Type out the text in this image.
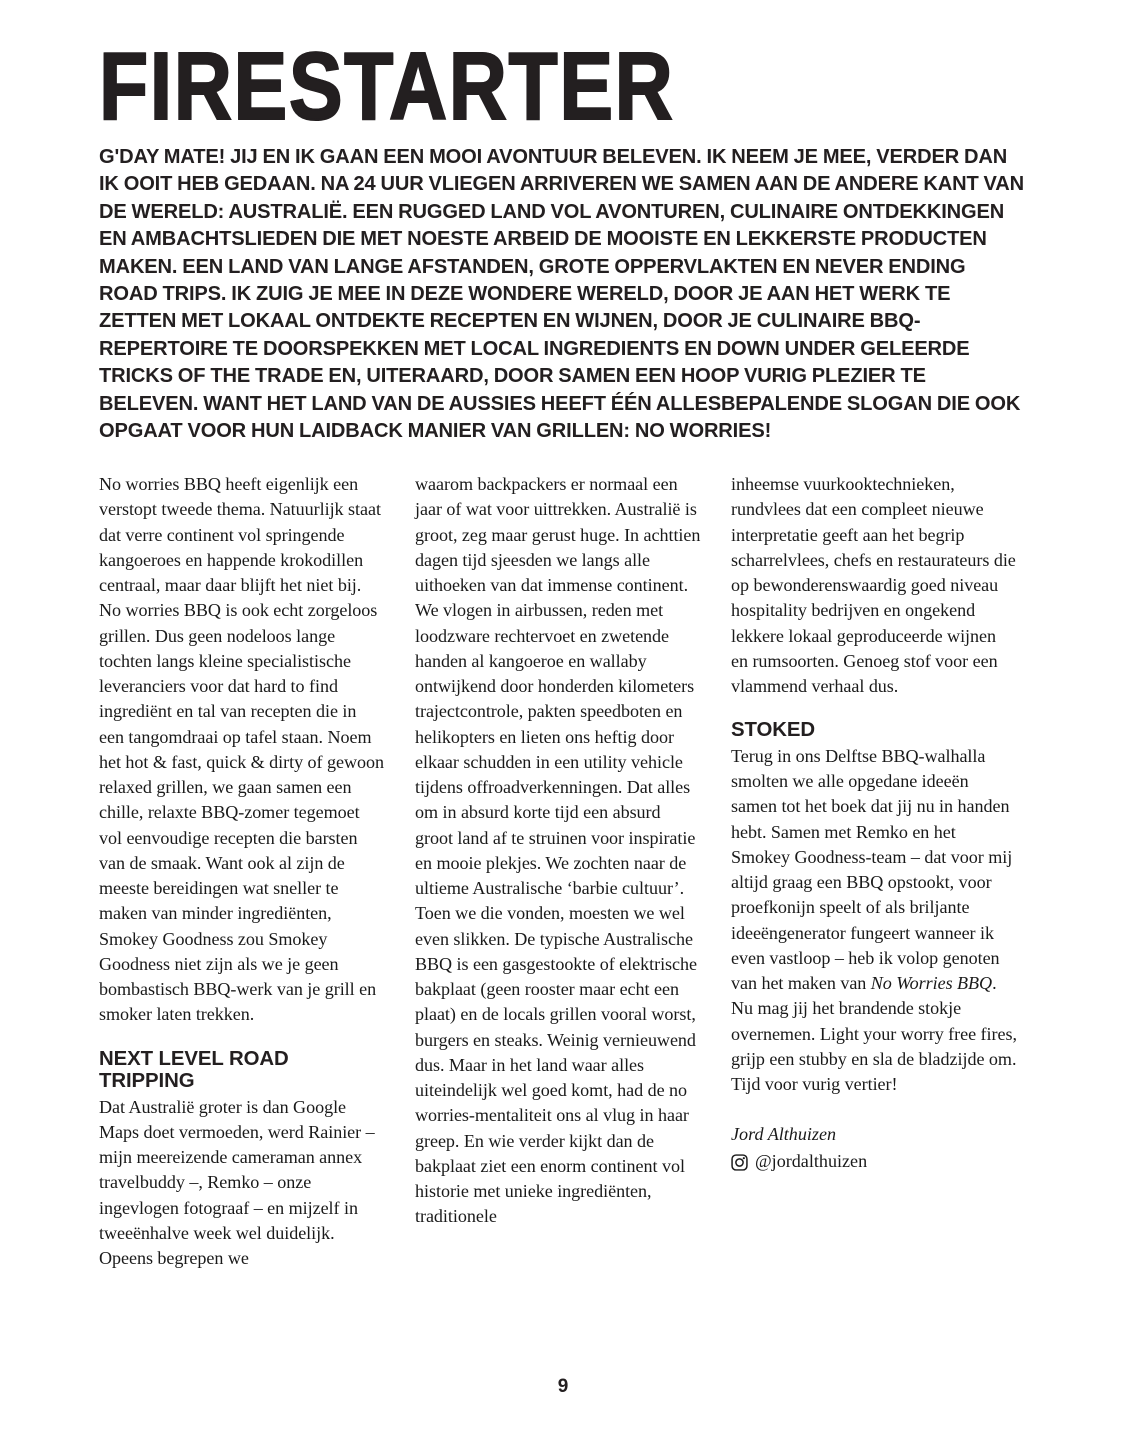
FIRESTARTER

G'DAY MATE! JIJ EN IK GAAN EEN MOOI AVONTUUR BELEVEN. IK NEEM JE MEE, VERDER DAN IK OOIT HEB GEDAAN. NA 24 UUR VLIEGEN ARRIVEREN WE SAMEN AAN DE ANDERE KANT VAN DE WERELD: AUSTRALIË. EEN RUGGED LAND VOL AVONTUREN, CULINAIRE ONTDEKKINGEN EN AMBACHTSLIEDEN DIE MET NOESTE ARBEID DE MOOISTE EN LEKKERSTE PRODUCTEN MAKEN. EEN LAND VAN LANGE AFSTANDEN, GROTE OPPERVLAKTEN EN NEVER ENDING ROAD TRIPS. IK ZUIG JE MEE IN DEZE WONDERE WERELD, DOOR JE AAN HET WERK TE ZETTEN MET LOKAAL ONTDEKTE RECEPTEN EN WIJNEN, DOOR JE CULINAIRE BBQ-REPERTOIRE TE DOORSPEKKEN MET LOCAL INGREDIENTS EN DOWN UNDER GELEERDE TRICKS OF THE TRADE EN, UITERAARD, DOOR SAMEN EEN HOOP VURIG PLEZIER TE BELEVEN. WANT HET LAND VAN DE AUSSIES HEEFT ÉÉN ALLESBEPALENDE SLOGAN DIE OOK OPGAAT VOOR HUN LAIDBACK MANIER VAN GRILLEN: NO WORRIES!

No worries BBQ heeft eigenlijk een verstopt tweede thema. Natuurlijk staat dat verre continent vol springende kangoeroes en happende krokodillen centraal, maar daar blijft het niet bij. No worries BBQ is ook echt zorgeloos grillen. Dus geen nodeloos lange tochten langs kleine specialistische leveranciers voor dat hard to find ingrediënt en tal van recepten die in een tangomdraai op tafel staan. Noem het hot & fast, quick & dirty of gewoon relaxed grillen, we gaan samen een chille, relaxte BBQ-zomer tegemoet vol eenvoudige recepten die barsten van de smaak. Want ook al zijn de meeste bereidingen wat sneller te maken van minder ingrediënten, Smokey Goodness zou Smokey Goodness niet zijn als we je geen bombastisch BBQ-werk van je grill en smoker laten trekken.

NEXT LEVEL ROAD TRIPPING

Dat Australië groter is dan Google Maps doet vermoeden, werd Rainier – mijn meereizende cameraman annex travelbuddy –, Remko – onze ingevlogen fotograaf – en mijzelf in tweeënhalve week wel duidelijk. Opeens begrepen we

waarom backpackers er normaal een jaar of wat voor uittrekken. Australië is groot, zeg maar gerust huge. In achttien dagen tijd sjeesden we langs alle uithoeken van dat immense continent.

We vlogen in airbussen, reden met loodzware rechtervoet en zwetende handen al kangoeroe en wallaby ontwijkend door honderden kilometers trajectcontrole, pakten speedboten en helikopters en lieten ons heftig door elkaar schudden in een utility vehicle tijdens offroadverkenningen. Dat alles om in absurd korte tijd een absurd groot land af te struinen voor inspiratie en mooie plekjes. We zochten naar de ultieme Australische ‘barbie cultuur’. Toen we die vonden, moesten we wel even slikken. De typische Australische BBQ is een gasgestookte of elektrische bakplaat (geen rooster maar echt een plaat) en de locals grillen vooral worst, burgers en steaks. Weinig vernieuwend dus. Maar in het land waar alles uiteindelijk wel goed komt, had de no worries-mentaliteit ons al vlug in haar greep. En wie verder kijkt dan de bakplaat ziet een enorm continent vol historie met unieke ingrediënten, traditionele

inheemse vuurkooktechnieken, rundvlees dat een compleet nieuwe interpretatie geeft aan het begrip scharrelvlees, chefs en restaurateurs die op bewonderenswaardig goed niveau hospitality bedrijven en ongekend lekkere lokaal geproduceerde wijnen en rumsoorten. Genoeg stof voor een vlammend verhaal dus.

STOKED

Terug in ons Delftse BBQ-walhalla smolten we alle opgedane ideeën samen tot het boek dat jij nu in handen hebt. Samen met Remko en het Smokey Goodness-team – dat voor mij altijd graag een BBQ opstookt, voor proefkonijn speelt of als briljante ideeëngenerator fungeert wanneer ik even vastloop – heb ik volop genoten van het maken van No Worries BBQ. Nu mag jij het brandende stokje overnemen. Light your worry free fires, grijp een stubby en sla de bladzijde om. Tijd voor vurig vertier!

Jord Althuizen
@jordalthuizen
9
